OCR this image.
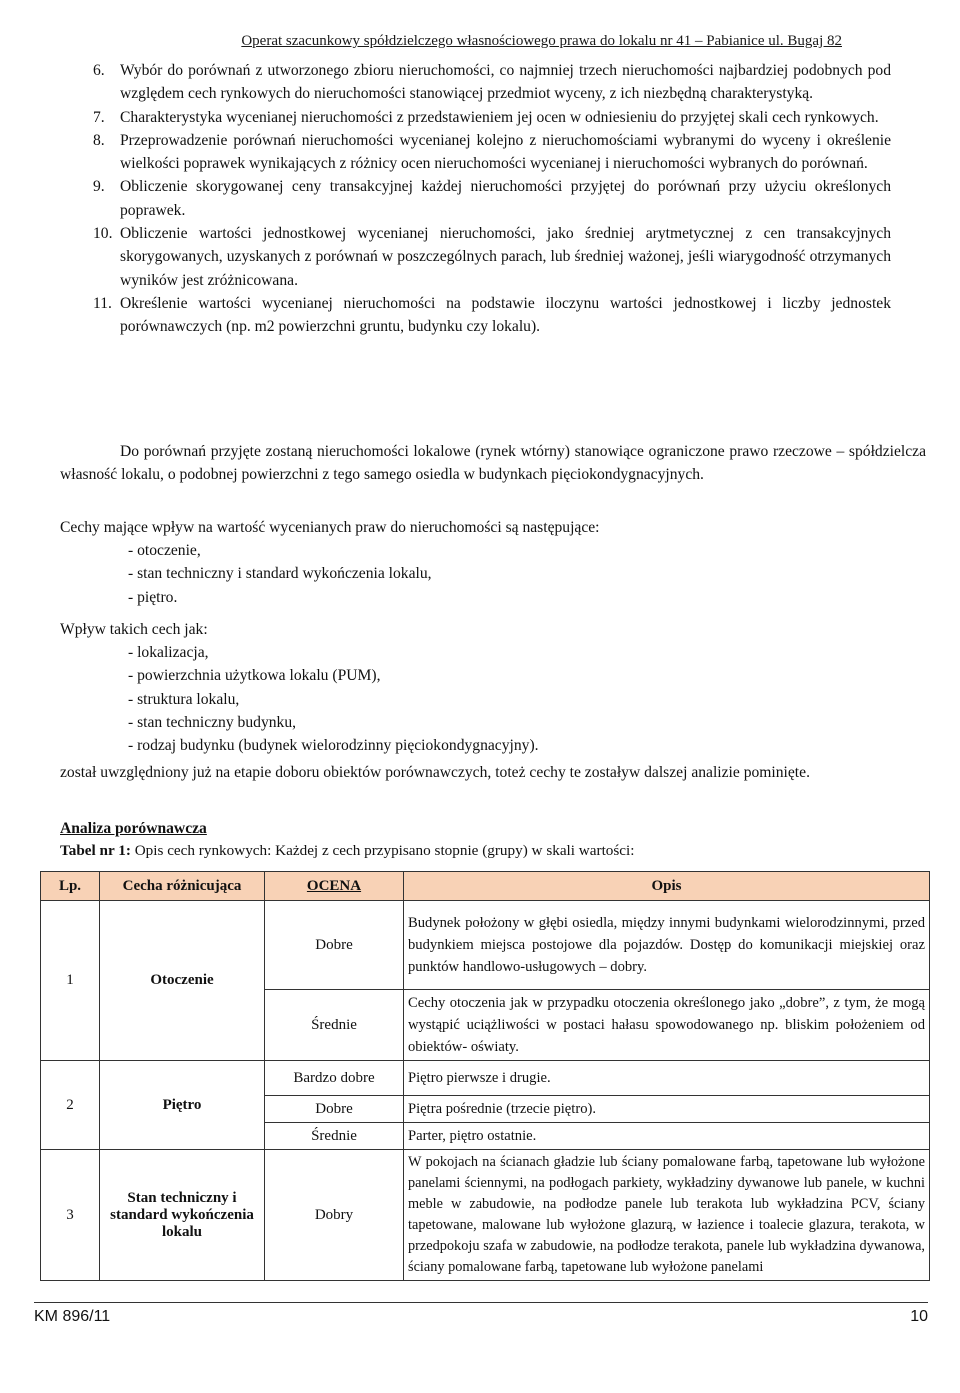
Operat szacunkowy spółdzielczego własnościowego prawa do lokalu nr 41 – Pabianice ul. Bugaj 82
6. Wybór do porównań z utworzonego zbioru nieruchomości, co najmniej trzech nieruchomości najbardziej podobnych pod względem cech rynkowych do nieruchomości stanowiącej przedmiot wyceny, z ich niezbędną charakterystyką.
7. Charakterystyka wycenianej nieruchomości z przedstawieniem jej ocen w odniesieniu do przyjętej skali cech rynkowych.
8. Przeprowadzenie porównań nieruchomości wycenianej kolejno z nieruchomościami wybranymi do wyceny i określenie wielkości poprawek wynikających z różnicy ocen nieruchomości wycenianej i nieruchomości wybranych do porównań.
9. Obliczenie skorygowanej ceny transakcyjnej każdej nieruchomości przyjętej do porównań przy użyciu określonych poprawek.
10. Obliczenie wartości jednostkowej wycenianej nieruchomości, jako średniej arytmetycznej z cen transakcyjnych skorygowanych, uzyskanych z porównań w poszczególnych parach, lub średniej ważonej, jeśli wiarygodność otrzymanych wyników jest zróżnicowana.
11. Określenie wartości wycenianej nieruchomości na podstawie iloczynu wartości jednostkowej i liczby jednostek porównawczych (np. m2 powierzchni gruntu, budynku czy lokalu).

Do porównań przyjęte zostaną nieruchomości lokalowe (rynek wtórny) stanowiące ograniczone prawo rzeczowe – spółdzielcza własność lokalu, o podobnej powierzchni z tego samego osiedla w budynkach pięciokondygnacyjnych.

Cechy mające wpływ na wartość wycenianych praw do nieruchomości są następujące:

- otoczenie,
- stan techniczny i standard wykończenia lokalu,
- piętro.

Wpływ takich cech jak:

- lokalizacja,
- powierzchnia użytkowa lokalu (PUM),
- struktura lokalu,
- stan techniczny budynku,
- rodzaj budynku (budynek wielorodzinny pięciokondygnacyjny).

został uwzględniony już na etapie doboru obiektów porównawczych, toteż cechy te zostaływ dalszej analizie pominięte.

Analiza porównawcza
Tabel nr 1: Opis cech rynkowych: Każdej z cech przypisano stopnie (grupy) w skali wartości:
Lp.	Cecha różnicująca	OCENA	Opis
1	Otoczenie	Dobre	Budynek położony w głębi osiedla, między innymi budynkami wielorodzinnymi, przed budynkiem miejsca postojowe dla pojazdów. Dostęp do komunikacji miejskiej oraz punktów handlowo-usługowych – dobry.
		Średnie	Cechy otoczenia jak w przypadku otoczenia określonego jako „dobre”, z tym, że mogą wystąpić uciążliwości w postaci hałasu spowodowanego np. bliskim położeniem od obiektów- oświaty.
2	Piętro	Bardzo dobre	Piętro pierwsze i drugie.
		Dobre	Piętra pośrednie (trzecie piętro).
		Średnie	Parter, piętro ostatnie.
3	Stan techniczny i standard wykończenia lokalu	Dobry	W pokojach na ścianach gładzie lub ściany pomalowane farbą, tapetowane lub wyłożone panelami ściennymi, na podłogach parkiety, wykładziny dywanowe lub panele, w kuchni meble w zabudowie, na podłodze panele lub terakota lub wykładzina PCV, ściany tapetowane, malowane lub wyłożone glazurą, w łazience i toalecie glazura, terakota, w przedpokoju szafa w zabudowie, na podłodze terakota, panele lub wykładzina dywanowa, ściany pomalowane farbą, tapetowane lub wyłożone panelami
KM 896/11	10
